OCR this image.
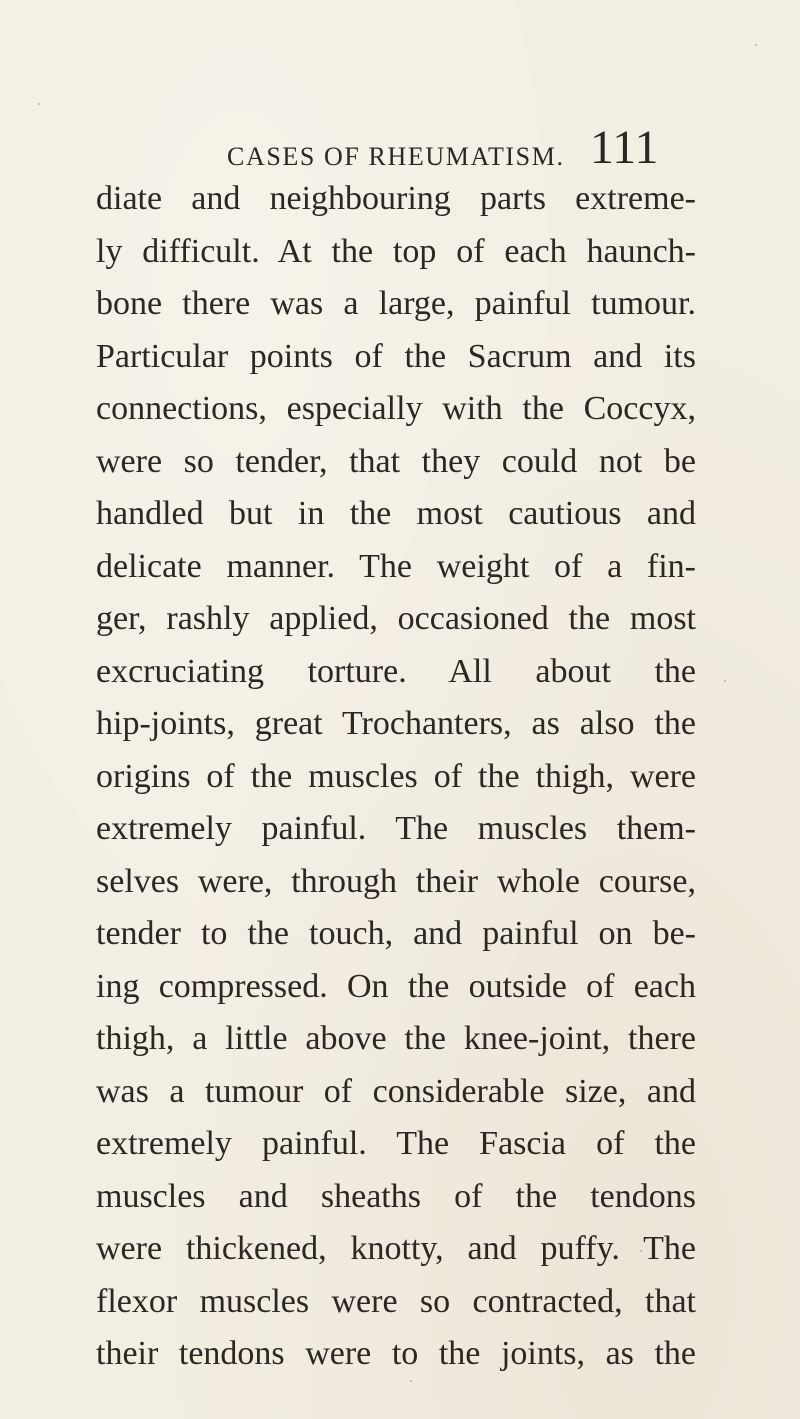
CASES OF RHEUMATISM. 111
diate and neighbouring parts extreme-
ly difficult. At the top of each haunch-
bone there was a large, painful tumour.
Particular points of the Sacrum and its
connections, especially with the Coccyx,
were so tender, that they could not be
handled but in the most cautious and
delicate manner. The weight of a fin-
ger, rashly applied, occasioned the most
excruciating torture. All about the
hip-joints, great Trochanters, as also the
origins of the muscles of the thigh, were
extremely painful. The muscles them-
selves were, through their whole course,
tender to the touch, and painful on be-
ing compressed. On the outside of each
thigh, a little above the knee-joint, there
was a tumour of considerable size, and
extremely painful. The Fascia of the
muscles and sheaths of the tendons
were thickened, knotty, and puffy. The
flexor muscles were so contracted, that
their tendons were to the joints, as the
